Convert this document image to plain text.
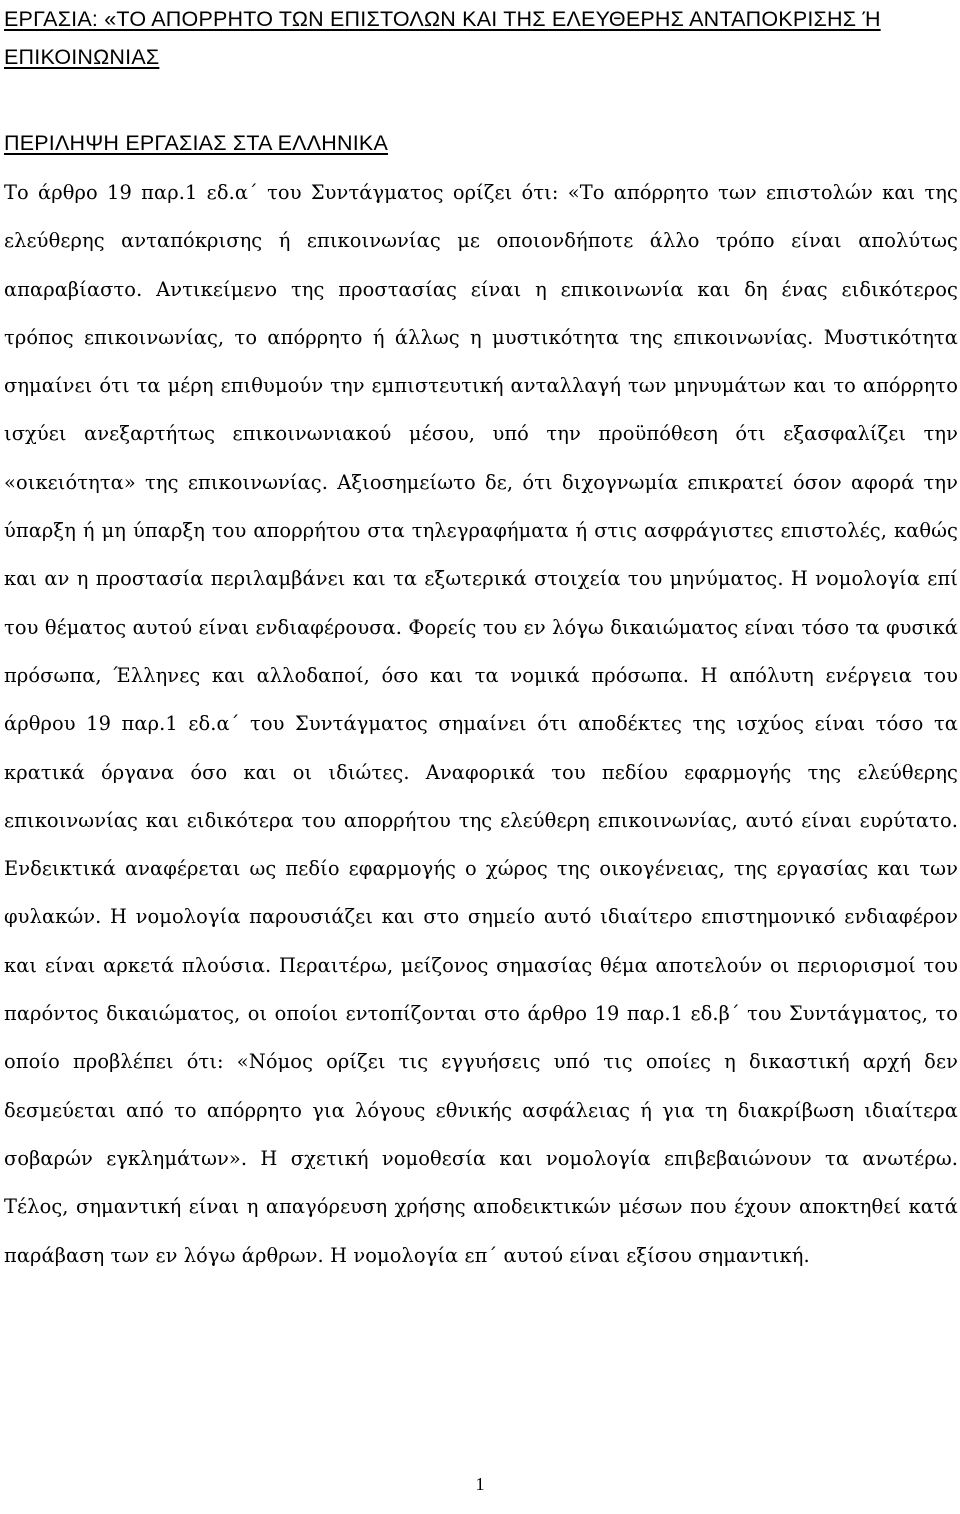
ΕΡΓΑΣΙΑ: «ΤΟ ΑΠΟΡΡΗΤΟ ΤΩΝ ΕΠΙΣΤΟΛΩΝ ΚΑΙ ΤΗΣ ΕΛΕΥΘΕΡΗΣ ΑΝΤΑΠΟΚΡΙΣΗΣ Ή ΕΠΙΚΟΙΝΩΝΙΑΣ
ΠΕΡΙΛΗΨΗ ΕΡΓΑΣΙΑΣ ΣΤΑ ΕΛΛΗΝΙΚΑ

Το άρθρο 19 παρ.1 εδ.α΄ του Συντάγματος ορίζει ότι: «Το απόρρητο των επιστολών και της ελεύθερης ανταπόκρισης ή επικοινωνίας με οποιονδήποτε άλλο τρόπο είναι απολύτως απαραβίαστο. Αντικείμενο της προστασίας είναι η επικοινωνία και δη ένας ειδικότερος τρόπος επικοινωνίας, το απόρρητο ή άλλως η μυστικότητα της επικοινωνίας. Μυστικότητα σημαίνει ότι τα μέρη επιθυμούν την εμπιστευτική ανταλλαγή των μηνυμάτων και το απόρρητο ισχύει ανεξαρτήτως επικοινωνιακού μέσου, υπό την προϋπόθεση ότι εξασφαλίζει την «οικειότητα» της επικοινωνίας. Αξιοσημείωτο δε, ότι διχογνωμία επικρατεί όσον αφορά την ύπαρξη ή μη ύπαρξη του απορρήτου στα τηλεγραφήματα ή στις ασφράγιστες επιστολές, καθώς και αν η προστασία περιλαμβάνει και τα εξωτερικά στοιχεία του μηνύματος. Η νομολογία επί του θέματος αυτού είναι ενδιαφέρουσα. Φορείς του εν λόγω δικαιώματος είναι τόσο τα φυσικά πρόσωπα, Έλληνες και αλλοδαποί, όσο και τα νομικά πρόσωπα. Η απόλυτη ενέργεια του άρθρου 19 παρ.1 εδ.α΄ του Συντάγματος σημαίνει ότι αποδέκτες της ισχύος είναι τόσο τα κρατικά όργανα όσο και οι ιδιώτες. Αναφορικά του πεδίου εφαρμογής της ελεύθερης επικοινωνίας και ειδικότερα του απορρήτου της ελεύθερη επικοινωνίας, αυτό είναι ευρύτατο. Ενδεικτικά αναφέρεται ως πεδίο εφαρμογής ο χώρος της οικογένειας, της εργασίας και των φυλακών. Η νομολογία παρουσιάζει και στο σημείο αυτό ιδιαίτερο επιστημονικό ενδιαφέρον και είναι αρκετά πλούσια. Περαιτέρω, μείζονος σημασίας θέμα αποτελούν οι περιορισμοί του παρόντος δικαιώματος, οι οποίοι εντοπίζονται στο άρθρο 19 παρ.1 εδ.β΄ του Συντάγματος, το οποίο προβλέπει ότι: «Νόμος ορίζει τις εγγυήσεις υπό τις οποίες η δικαστική αρχή δεν δεσμεύεται από το απόρρητο για λόγους εθνικής ασφάλειας ή για τη διακρίβωση ιδιαίτερα σοβαρών εγκλημάτων». Η σχετική νομοθεσία και νομολογία επιβεβαιώνουν τα ανωτέρω. Τέλος, σημαντική είναι η απαγόρευση χρήσης αποδεικτικών μέσων που έχουν αποκτηθεί κατά παράβαση των εν λόγω άρθρων. Η νομολογία επ΄ αυτού είναι εξίσου σημαντική.

1
